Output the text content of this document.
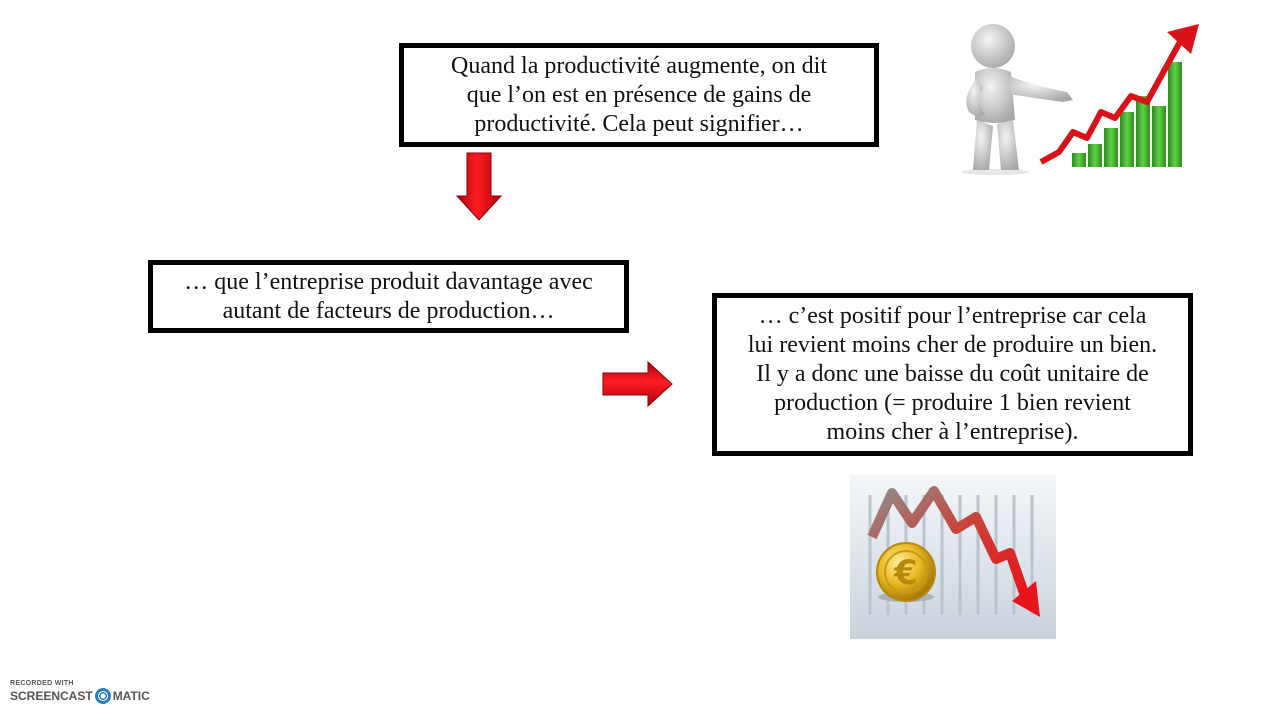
Quand la productivité augmente, on dit
que l’on est en présence de gains de
productivité. Cela peut signifier…
… que l’entreprise produit davantage avec
autant de facteurs de production…	… c’est positif pour l’entreprise car cela
lui revient moins cher de produire un bien.
Il y a donc une baisse du coût unitaire de
production (= produire 1 bien revient
moins cher à l’entreprise).
€
RECORDED WITH
SCREENCAST MATIC
